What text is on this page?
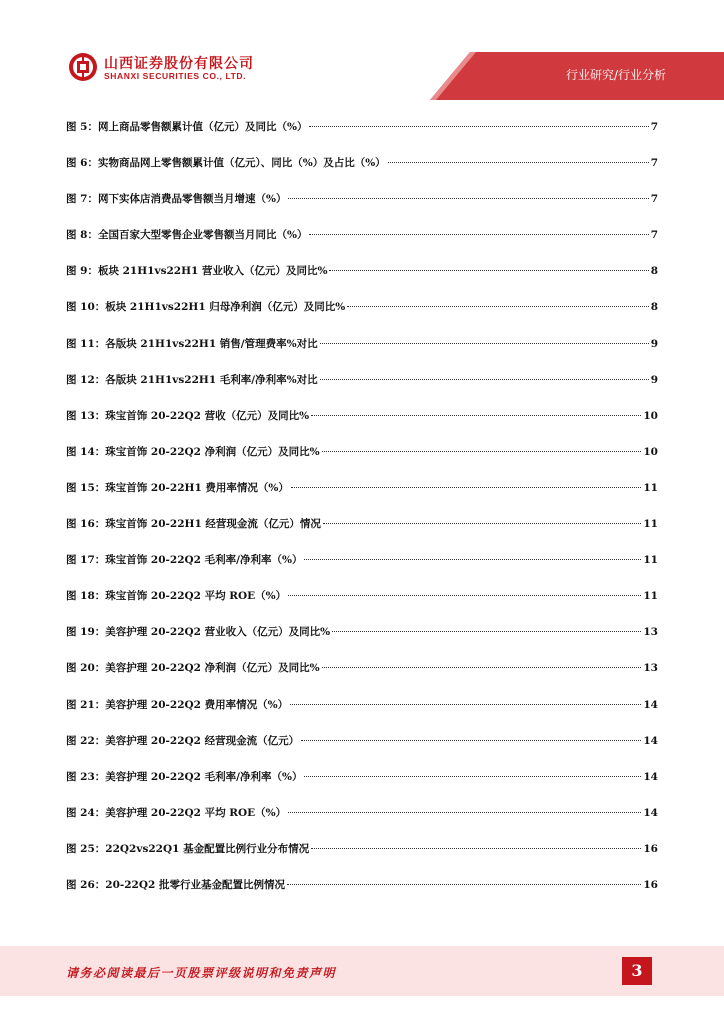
山西证券股份有限公司
SHANXI SECURITIES CO., LTD.	行业研究/行业分析
图 5： 网上商品零售额累计值（亿元）及同比（%）	7
图 6： 实物商品网上零售额累计值（亿元）、同比（%）及占比（%）	7
图 7： 网下实体店消费品零售额当月增速（%）	7
图 8： 全国百家大型零售企业零售额当月同比（%）	7
图 9： 板块 21H1vs22H1 营业收入（亿元）及同比%	8
图 10： 板块 21H1vs22H1 归母净利润（亿元）及同比%	8
图 11： 各版块 21H1vs22H1 销售/管理费率%对比	9
图 12： 各版块 21H1vs22H1 毛利率/净利率%对比	9
图 13： 珠宝首饰 20-22Q2 营收（亿元）及同比%	10
图 14： 珠宝首饰 20-22Q2 净利润（亿元）及同比%	10
图 15： 珠宝首饰 20-22H1 费用率情况（%）	11
图 16： 珠宝首饰 20-22H1 经营现金流（亿元）情况	11
图 17： 珠宝首饰 20-22Q2 毛利率/净利率（%）	11
图 18： 珠宝首饰 20-22Q2 平均 ROE（%）	11
图 19： 美容护理 20-22Q2 营业收入（亿元）及同比%	13
图 20： 美容护理 20-22Q2 净利润（亿元）及同比%	13
图 21： 美容护理 20-22Q2 费用率情况（%）	14
图 22： 美容护理 20-22Q2 经营现金流（亿元）	14
图 23： 美容护理 20-22Q2 毛利率/净利率（%）	14
图 24： 美容护理 20-22Q2 平均 ROE（%）	14
图 25： 22Q2vs22Q1 基金配置比例行业分布情况	16
图 26： 20-22Q2 批零行业基金配置比例情况	16
请务必阅读最后一页股票评级说明和免责声明	3
